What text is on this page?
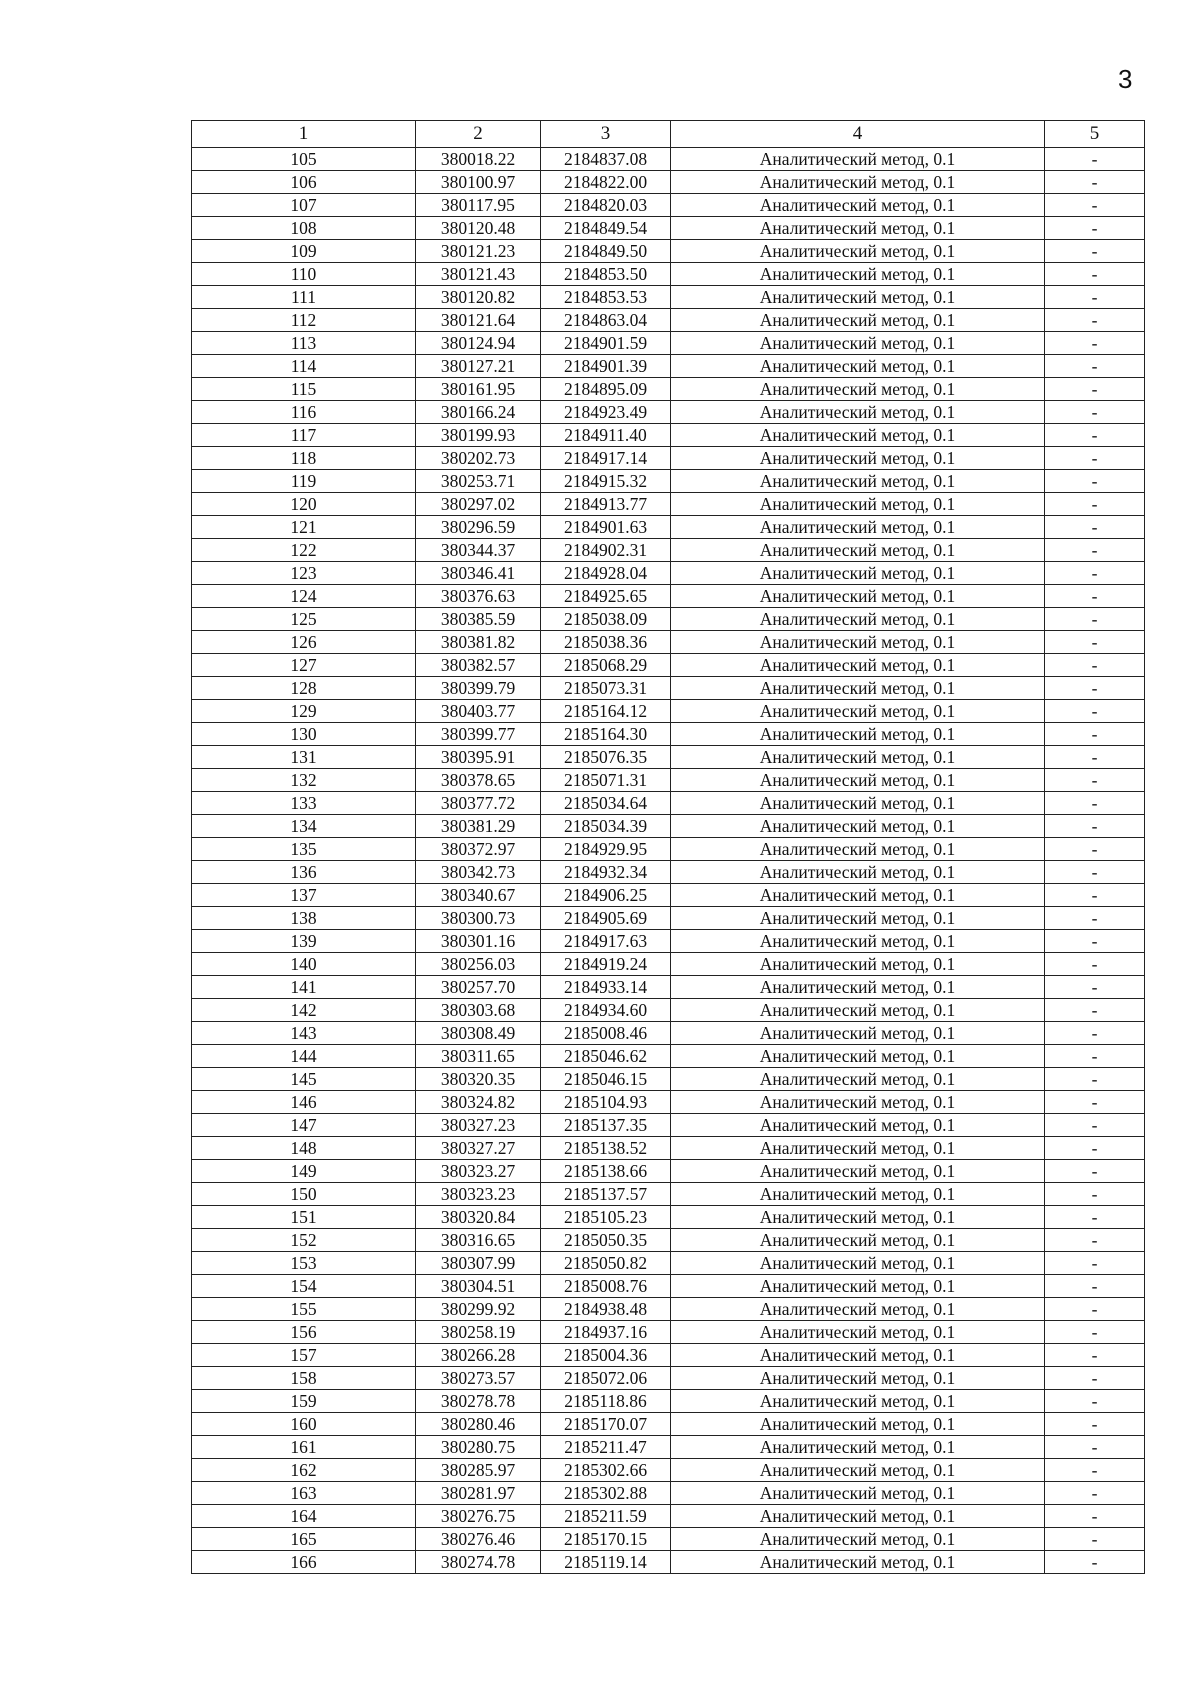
3
1	2	3	4	5
105	380018.22	2184837.08	Аналитический метод, 0.1	-
106	380100.97	2184822.00	Аналитический метод, 0.1	-
107	380117.95	2184820.03	Аналитический метод, 0.1	-
108	380120.48	2184849.54	Аналитический метод, 0.1	-
109	380121.23	2184849.50	Аналитический метод, 0.1	-
110	380121.43	2184853.50	Аналитический метод, 0.1	-
111	380120.82	2184853.53	Аналитический метод, 0.1	-
112	380121.64	2184863.04	Аналитический метод, 0.1	-
113	380124.94	2184901.59	Аналитический метод, 0.1	-
114	380127.21	2184901.39	Аналитический метод, 0.1	-
115	380161.95	2184895.09	Аналитический метод, 0.1	-
116	380166.24	2184923.49	Аналитический метод, 0.1	-
117	380199.93	2184911.40	Аналитический метод, 0.1	-
118	380202.73	2184917.14	Аналитический метод, 0.1	-
119	380253.71	2184915.32	Аналитический метод, 0.1	-
120	380297.02	2184913.77	Аналитический метод, 0.1	-
121	380296.59	2184901.63	Аналитический метод, 0.1	-
122	380344.37	2184902.31	Аналитический метод, 0.1	-
123	380346.41	2184928.04	Аналитический метод, 0.1	-
124	380376.63	2184925.65	Аналитический метод, 0.1	-
125	380385.59	2185038.09	Аналитический метод, 0.1	-
126	380381.82	2185038.36	Аналитический метод, 0.1	-
127	380382.57	2185068.29	Аналитический метод, 0.1	-
128	380399.79	2185073.31	Аналитический метод, 0.1	-
129	380403.77	2185164.12	Аналитический метод, 0.1	-
130	380399.77	2185164.30	Аналитический метод, 0.1	-
131	380395.91	2185076.35	Аналитический метод, 0.1	-
132	380378.65	2185071.31	Аналитический метод, 0.1	-
133	380377.72	2185034.64	Аналитический метод, 0.1	-
134	380381.29	2185034.39	Аналитический метод, 0.1	-
135	380372.97	2184929.95	Аналитический метод, 0.1	-
136	380342.73	2184932.34	Аналитический метод, 0.1	-
137	380340.67	2184906.25	Аналитический метод, 0.1	-
138	380300.73	2184905.69	Аналитический метод, 0.1	-
139	380301.16	2184917.63	Аналитический метод, 0.1	-
140	380256.03	2184919.24	Аналитический метод, 0.1	-
141	380257.70	2184933.14	Аналитический метод, 0.1	-
142	380303.68	2184934.60	Аналитический метод, 0.1	-
143	380308.49	2185008.46	Аналитический метод, 0.1	-
144	380311.65	2185046.62	Аналитический метод, 0.1	-
145	380320.35	2185046.15	Аналитический метод, 0.1	-
146	380324.82	2185104.93	Аналитический метод, 0.1	-
147	380327.23	2185137.35	Аналитический метод, 0.1	-
148	380327.27	2185138.52	Аналитический метод, 0.1	-
149	380323.27	2185138.66	Аналитический метод, 0.1	-
150	380323.23	2185137.57	Аналитический метод, 0.1	-
151	380320.84	2185105.23	Аналитический метод, 0.1	-
152	380316.65	2185050.35	Аналитический метод, 0.1	-
153	380307.99	2185050.82	Аналитический метод, 0.1	-
154	380304.51	2185008.76	Аналитический метод, 0.1	-
155	380299.92	2184938.48	Аналитический метод, 0.1	-
156	380258.19	2184937.16	Аналитический метод, 0.1	-
157	380266.28	2185004.36	Аналитический метод, 0.1	-
158	380273.57	2185072.06	Аналитический метод, 0.1	-
159	380278.78	2185118.86	Аналитический метод, 0.1	-
160	380280.46	2185170.07	Аналитический метод, 0.1	-
161	380280.75	2185211.47	Аналитический метод, 0.1	-
162	380285.97	2185302.66	Аналитический метод, 0.1	-
163	380281.97	2185302.88	Аналитический метод, 0.1	-
164	380276.75	2185211.59	Аналитический метод, 0.1	-
165	380276.46	2185170.15	Аналитический метод, 0.1	-
166	380274.78	2185119.14	Аналитический метод, 0.1	-
